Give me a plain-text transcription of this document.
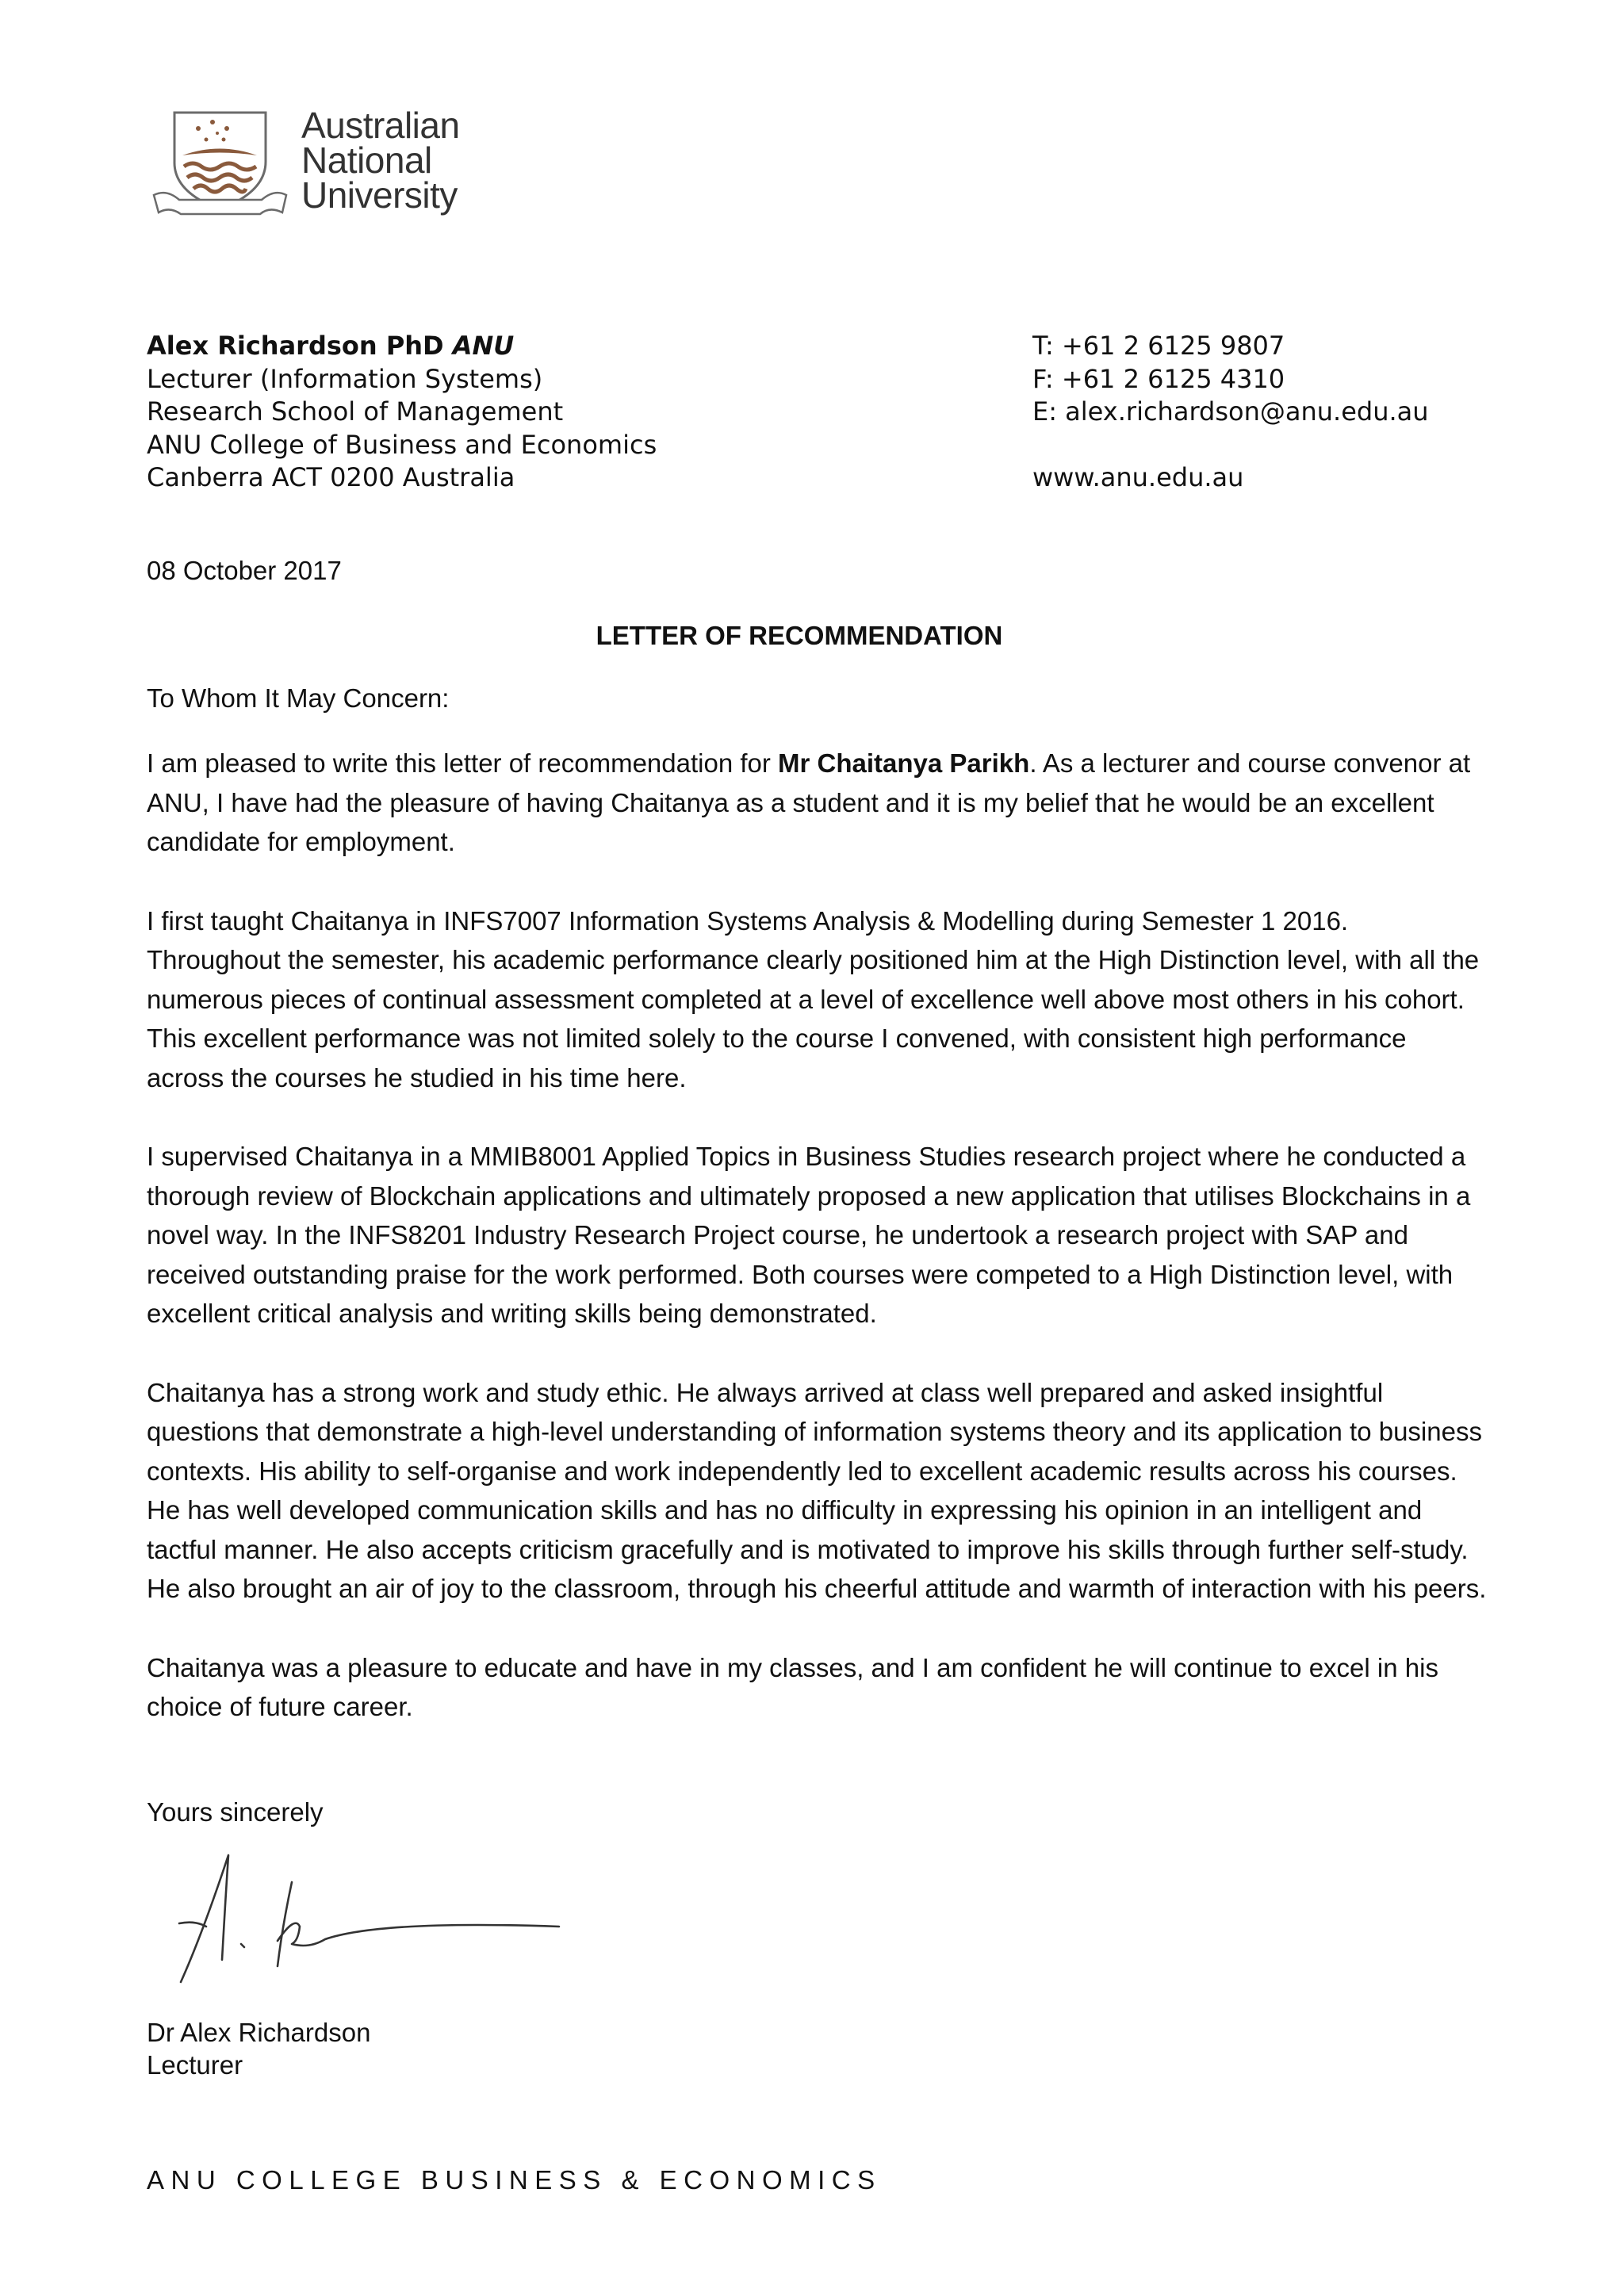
Australian
National
University
Alex Richardson PhD ANU
Lecturer (Information Systems)
Research School of Management
ANU College of Business and Economics
Canberra ACT 0200 Australia
T: +61 2 6125 9807
F: +61 2 6125 4310
E: alex.richardson@anu.edu.au
www.anu.edu.au
08 October 2017
LETTER OF RECOMMENDATION
To Whom It May Concern:

I am pleased to write this letter of recommendation for Mr Chaitanya Parikh. As a lecturer and course convenor at ANU, I have had the pleasure of having Chaitanya as a student and it is my belief that he would be an excellent candidate for employment.

I first taught Chaitanya in INFS7007 Information Systems Analysis & Modelling during Semester 1 2016. Throughout the semester, his academic performance clearly positioned him at the High Distinction level, with all the numerous pieces of continual assessment completed at a level of excellence well above most others in his cohort. This excellent performance was not limited solely to the course I convened, with consistent high performance across the courses he studied in his time here.

I supervised Chaitanya in a MMIB8001 Applied Topics in Business Studies research project where he conducted a thorough review of Blockchain applications and ultimately proposed a new application that utilises Blockchains in a novel way. In the INFS8201 Industry Research Project course, he undertook a research project with SAP and received outstanding praise for the work performed. Both courses were competed to a High Distinction level, with excellent critical analysis and writing skills being demonstrated.

Chaitanya has a strong work and study ethic. He always arrived at class well prepared and asked insightful questions that demonstrate a high-level understanding of information systems theory and its application to business contexts. His ability to self-organise and work independently led to excellent academic results across his courses. He has well developed communication skills and has no difficulty in expressing his opinion in an intelligent and tactful manner. He also accepts criticism gracefully and is motivated to improve his skills through further self-study. He also brought an air of joy to the classroom, through his cheerful attitude and warmth of interaction with his peers.

Chaitanya was a pleasure to educate and have in my classes, and I am confident he will continue to excel in his choice of future career.

Yours sincerely
Dr Alex Richardson
Lecturer
ANU COLLEGE BUSINESS & ECONOMICS
